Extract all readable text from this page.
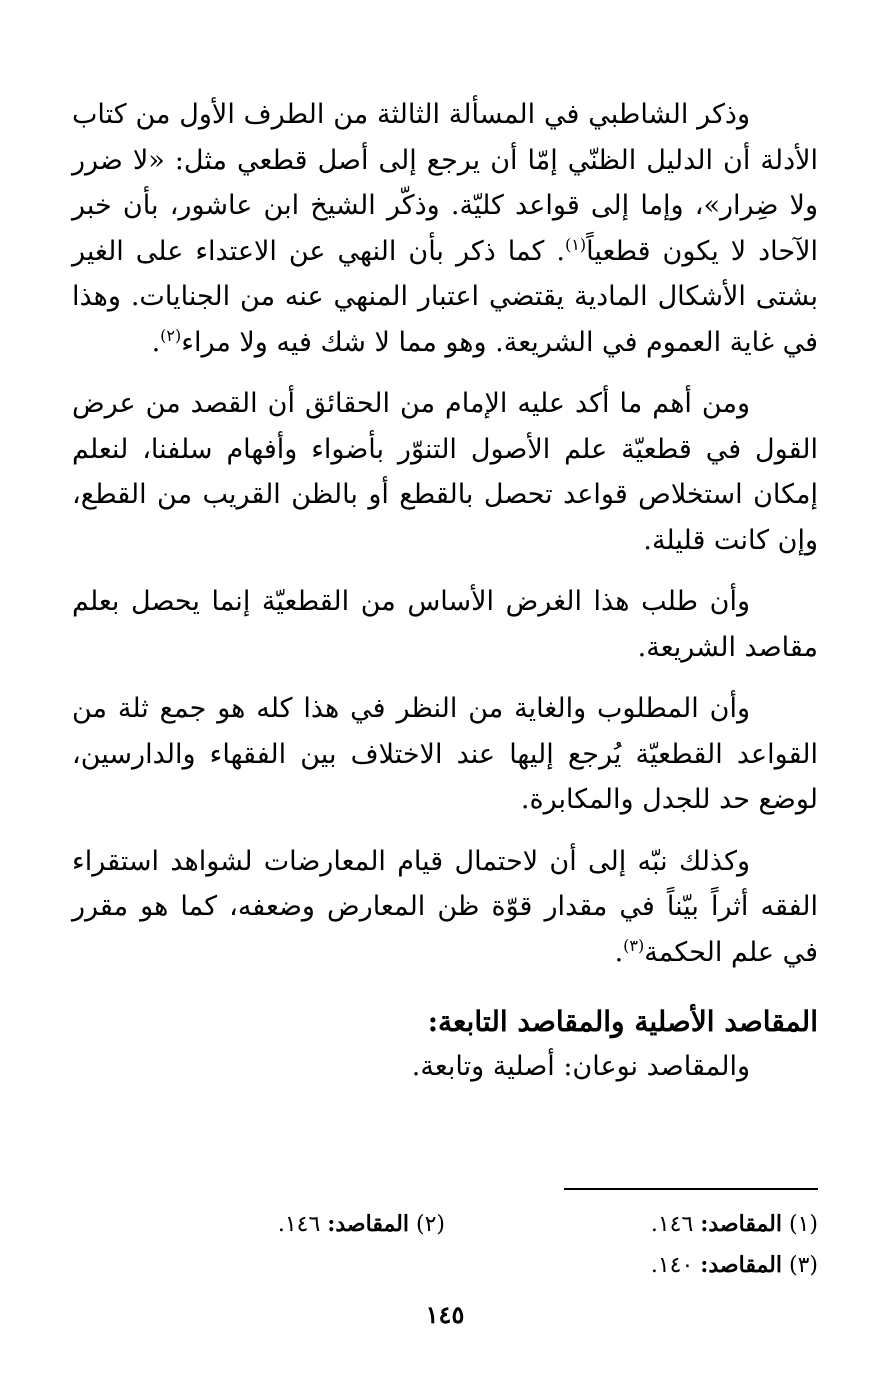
وذكر الشاطبي في المسألة الثالثة من الطرف الأول من كتاب الأدلة أن الدليل الظنّي إمّا أن يرجع إلى أصل قطعي مثل: «لا ضرر ولا ضِرار»، وإما إلى قواعد كليّة. وذكّر الشيخ ابن عاشور، بأن خبر الآحاد لا يكون قطعياً$^{(١)}$. كما ذكر بأن النهي عن الاعتداء على الغير بشتى الأشكال المادية يقتضي اعتبار المنهي عنه من الجنايات. وهذا في غاية العموم في الشريعة. وهو مما لا شك فيه ولا مراء$^{(٢)}$.

ومن أهم ما أكد عليه الإمام من الحقائق أن القصد من عرض القول في قطعيّة علم الأصول التنوّر بأضواء وأفهام سلفنا، لنعلم إمكان استخلاص قواعد تحصل بالقطع أو بالظن القريب من القطع، وإن كانت قليلة.

وأن طلب هذا الغرض الأساس من القطعيّة إنما يحصل بعلم مقاصد الشريعة.

وأن المطلوب والغاية من النظر في هذا كله هو جمع ثلة من القواعد القطعيّة يُرجع إليها عند الاختلاف بين الفقهاء والدارسين، لوضع حد للجدل والمكابرة.

وكذلك نبّه إلى أن لاحتمال قيام المعارضات لشواهد استقراء الفقه أثراً بيّناً في مقدار قوّة ظن المعارض وضعفه، كما هو مقرر في علم الحكمة$^{(٣)}$.

المقاصد الأصلية والمقاصد التابعة:

والمقاصد نوعان: أصلية وتابعة.

(١) المقاصد: ١٤٦.
(٢) المقاصد: ١٤٦.
(٣) المقاصد: ١٤٠.
١٤٥
